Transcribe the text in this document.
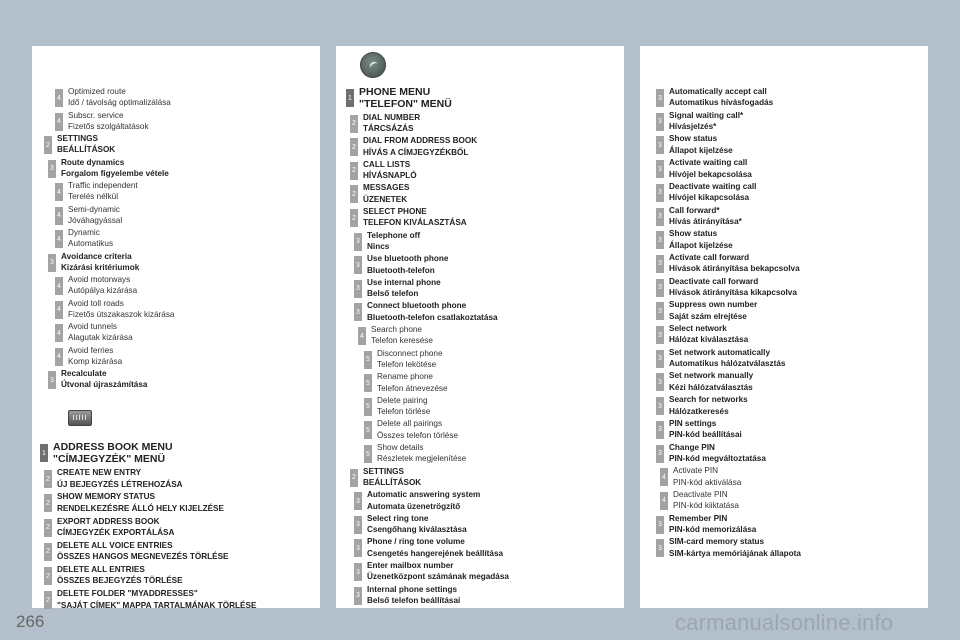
4
Optimized route
Idő / távolság optimalizálása
4
Subscr. service
Fizetős szolgáltatások
2
SETTINGS
BEÁLLÍTÁSOK
3
Route dynamics
Forgalom figyelembe vétele
4
Traffic independent
Terelés nélkül
4
Semi-dynamic
Jóváhagyással
4
Dynamic
Automatikus
3
Avoidance criteria
Kizárási kritériumok
4
Avoid motorways
Autópálya kizárása
4
Avoid toll roads
Fizetős útszakaszok kizárása
4
Avoid tunnels
Alagutak kizárása
4
Avoid ferries
Komp kizárása
3
Recalculate
Útvonal újraszámítása
1 ADDRESS BOOK MENU
"CÍMJEGYZÉK" MENÜ
2
CREATE NEW ENTRY
ÚJ BEJEGYZÉS LÉTREHOZÁSA
2
SHOW MEMORY STATUS
RENDELKEZÉSRE ÁLLÓ HELY KIJELZÉSE
2
EXPORT ADDRESS BOOK
CÍMJEGYZÉK EXPORTÁLÁSA
2
DELETE ALL VOICE ENTRIES
ÖSSZES HANGOS MEGNEVEZÉS TÖRLÉSE
2
DELETE ALL ENTRIES
ÖSSZES BEJEGYZÉS TÖRLÉSE
2
DELETE FOLDER "MYADDRESSES"
"SAJÁT CÍMEK" MAPPA TARTALMÁNAK TÖRLÉSE
1 PHONE MENU
"TELEFON" MENÜ
2
DIAL NUMBER
TÁRCSÁZÁS
2
DIAL FROM ADDRESS BOOK
HÍVÁS A CÍMJEGYZÉKBŐL
2
CALL LISTS
HÍVÁSNAPLÓ
2
MESSAGES
ÜZENETEK
2
SELECT PHONE
TELEFON KIVÁLASZTÁSA
3
Telephone off
Nincs
3
Use bluetooth phone
Bluetooth-telefon
3
Use internal phone
Belső telefon
3
Connect bluetooth phone
Bluetooth-telefon csatlakoztatása
4
Search phone
Telefon keresése
5
Disconnect phone
Telefon lekötése
5
Rename phone
Telefon átnevezése
5
Delete pairing
Telefon törlése
5
Delete all pairings
Összes telefon törlése
5
Show details
Részletek megjelenítése
2
SETTINGS
BEÁLLÍTÁSOK
3
Automatic answering system
Automata üzenetrögzítő
3
Select ring tone
Csengőhang kiválasztása
3
Phone / ring tone volume
Csengetés hangerejének beállítása
3
Enter mailbox number
Üzenetközpont számának megadása
3
Internal phone settings
Belső telefon beállításai
3
Automatically accept call
Automatikus hívásfogadás
3
Signal waiting call*
Hívásjelzés*
3
Show status
Állapot kijelzése
3
Activate waiting call
Hívójel bekapcsolása
3
Deactivate waiting call
Hívójel kikapcsolása
3
Call forward*
Hívás átirányítása*
3
Show status
Állapot kijelzése
3
Activate call forward
Hívások átirányítása bekapcsolva
3
Deactivate call forward
Hívások átirányítása kikapcsolva
3
Suppress own number
Saját szám elrejtése
3
Select network
Hálózat kiválasztása
3
Set network automatically
Automatikus hálózatválasztás
3
Set network manually
Kézi hálózatválasztás
3
Search for networks
Hálózatkeresés
3
PIN settings
PIN-kód beállításai
3
Change PIN
PIN-kód megváltoztatása
4
Activate PIN
PIN-kód aktiválása
4
Deactivate PIN
PIN-kód kiiktatása
3
Remember PIN
PIN-kód memorizálása
3
SIM-card memory status
SIM-kártya memóriájának állapota
266	carmanualsonline.info
